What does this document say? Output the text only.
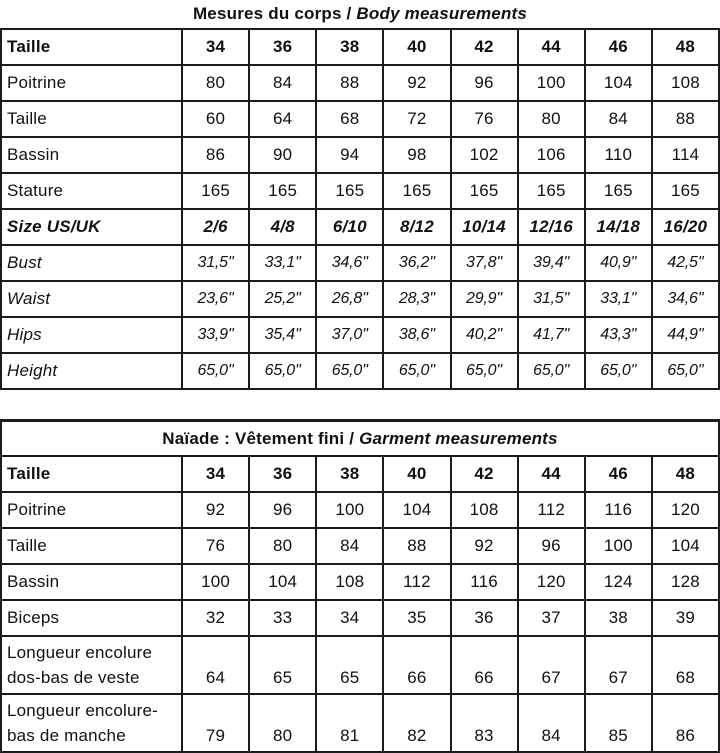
Mesures du corps / Body measurements
Taille	34	36	38	40	42	44	46	48
Poitrine	80	84	88	92	96	100	104	108
Taille	60	64	68	72	76	80	84	88
Bassin	86	90	94	98	102	106	110	114
Stature	165	165	165	165	165	165	165	165
Size US/UK	2/6	4/8	6/10	8/12	10/14	12/16	14/18	16/20
Bust	31,5''	33,1''	34,6''	36,2''	37,8''	39,4''	40,9''	42,5''
Waist	23,6''	25,2''	26,8''	28,3''	29,9''	31,5''	33,1''	34,6''
Hips	33,9''	35,4''	37,0''	38,6''	40,2''	41,7''	43,3''	44,9''
Height	65,0''	65,0''	65,0''	65,0''	65,0''	65,0''	65,0''	65,0''
Naïade : Vêtement fini / Garment measurements								
Taille	34	36	38	40	42	44	46	48
Poitrine	92	96	100	104	108	112	116	120
Taille	76	80	84	88	92	96	100	104
Bassin	100	104	108	112	116	120	124	128
Biceps	32	33	34	35	36	37	38	39
Longueur encolure
dos-bas de veste	64	65	65	66	66	67	67	68
Longueur encolure-
bas de manche	79	80	81	82	83	84	85	86
